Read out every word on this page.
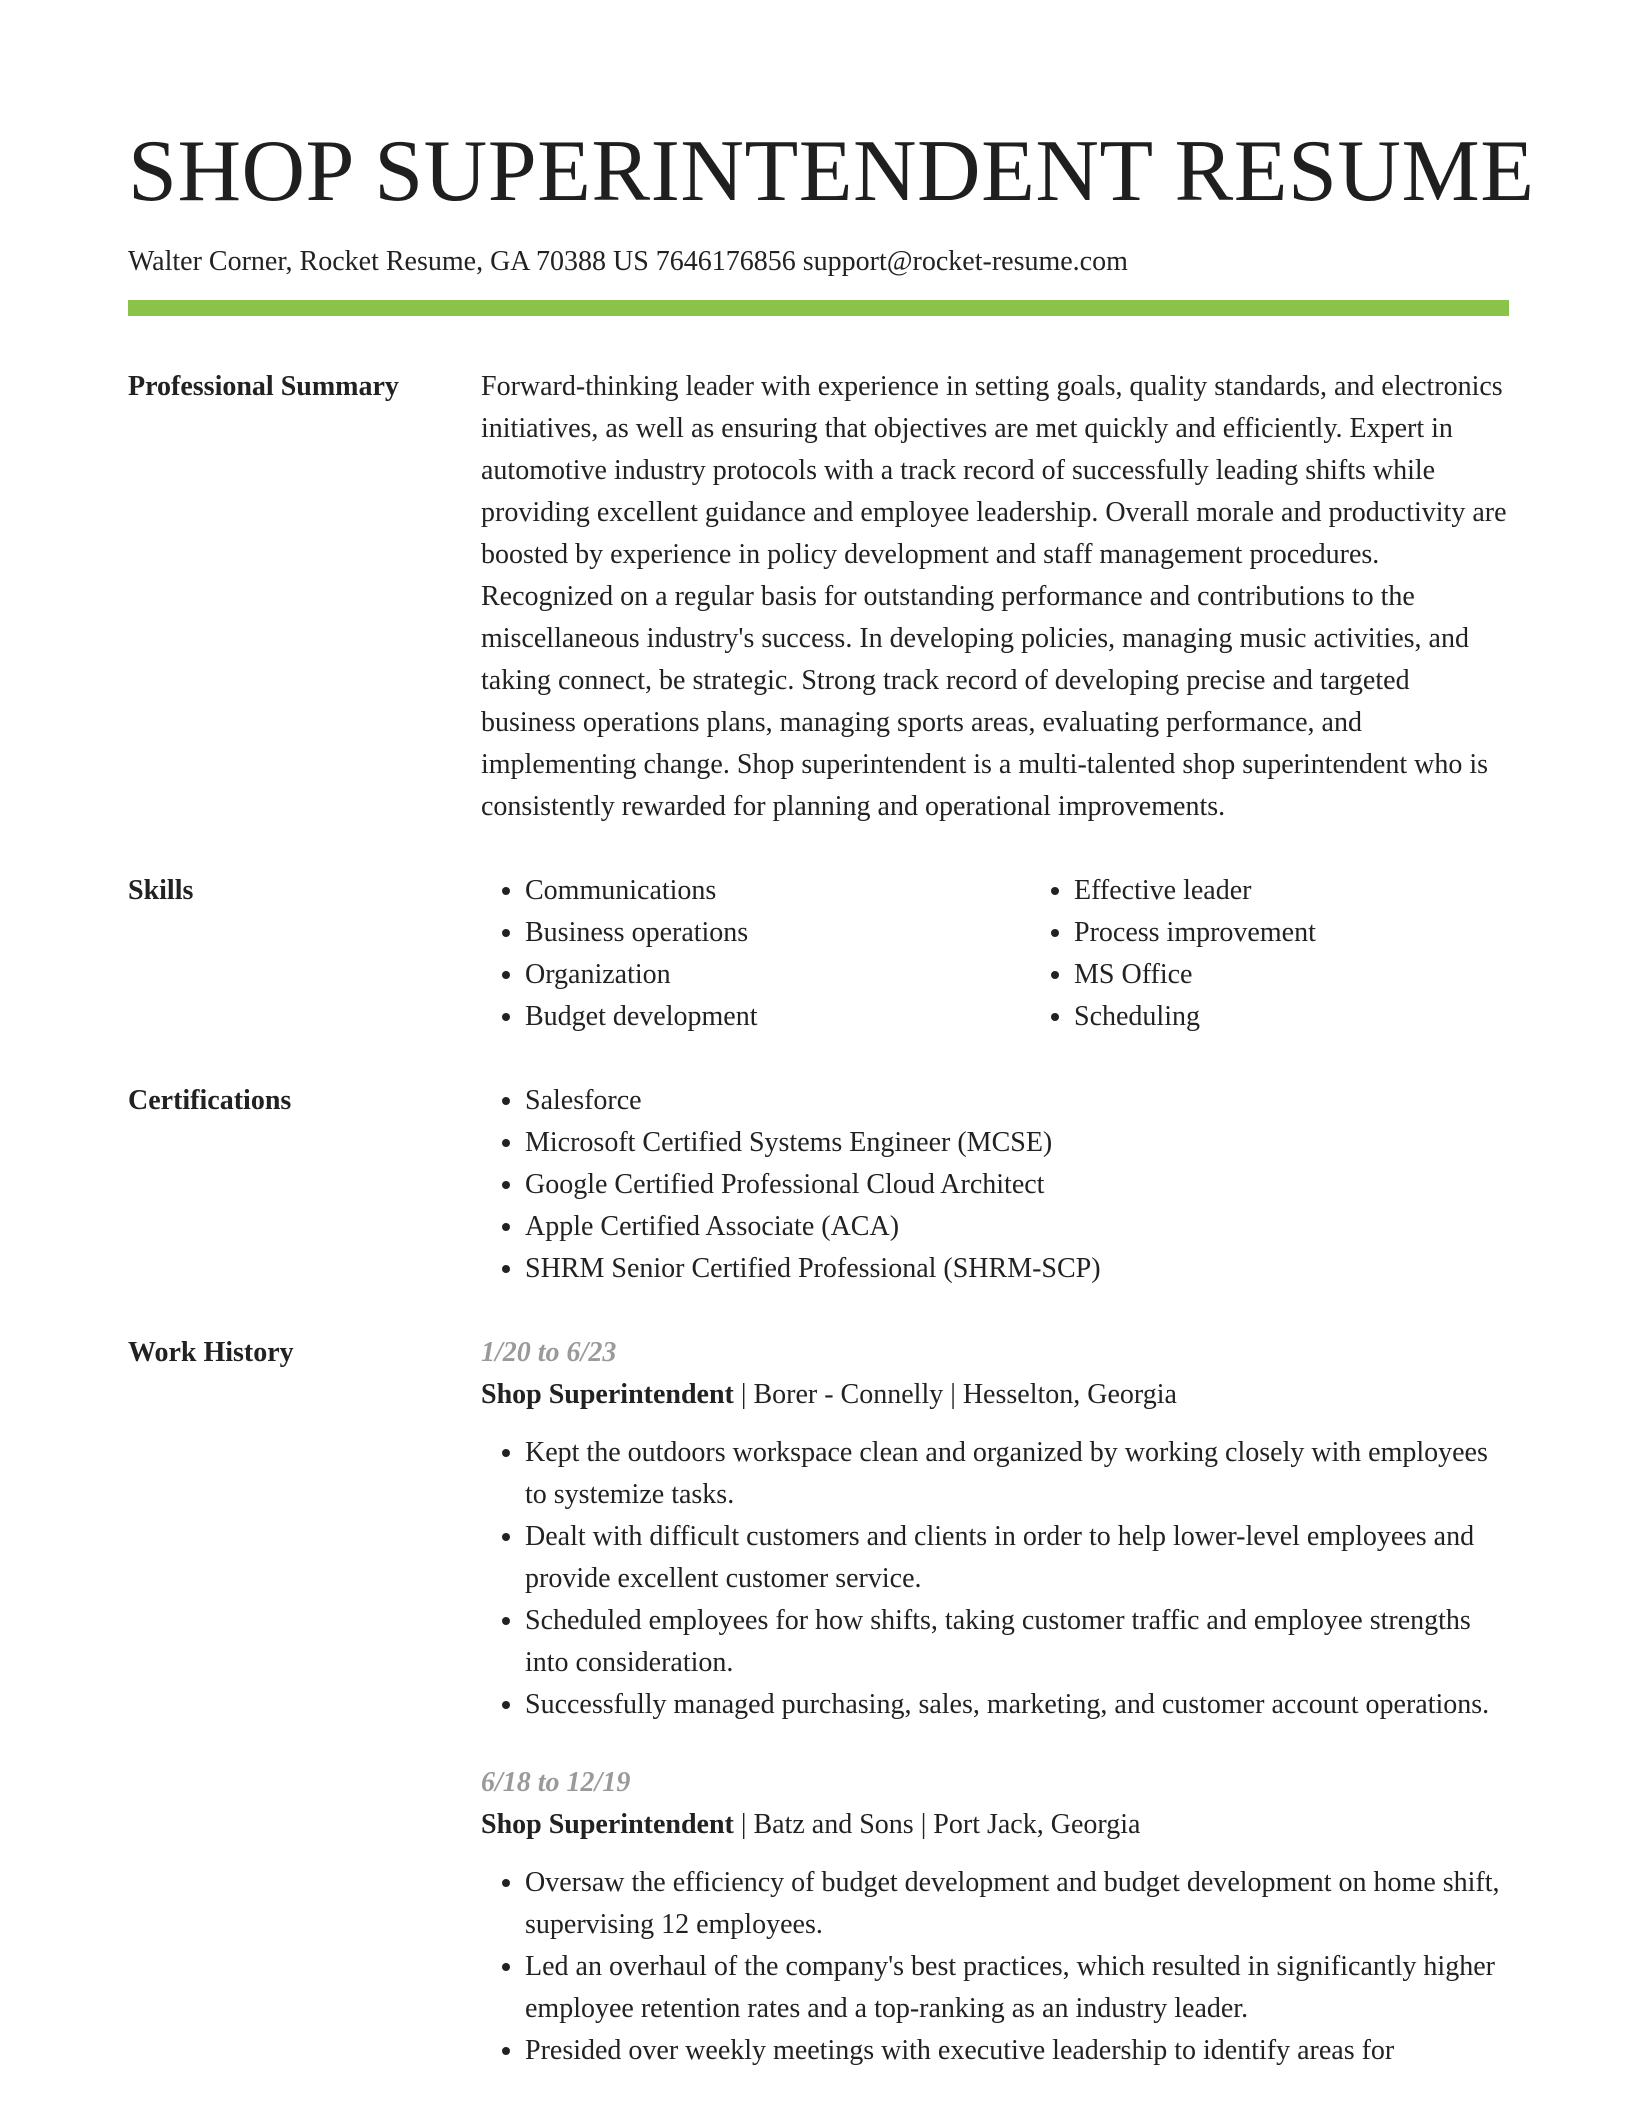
SHOP SUPERINTENDENT RESUME
Walter Corner, Rocket Resume, GA 70388 US 7646176856 support@rocket-resume.com
Professional Summary	Forward-thinking leader with experience in setting goals, quality standards, and electronics initiatives, as well as ensuring that objectives are met quickly and efficiently. Expert in automotive industry protocols with a track record of successfully leading shifts while providing excellent guidance and employee leadership. Overall morale and productivity are boosted by experience in policy development and staff management procedures. Recognized on a regular basis for outstanding performance and contributions to the miscellaneous industry's success. In developing policies, managing music activities, and taking connect, be strategic. Strong track record of developing precise and targeted business operations plans, managing sports areas, evaluating performance, and implementing change. Shop superintendent is a multi-talented shop superintendent who is consistently rewarded for planning and operational improvements.

Skills	• Communications
• Business operations
• Organization
• Budget development
• Effective leader
• Process improvement
• MS Office
• Scheduling
Certifications	• Salesforce
• Microsoft Certified Systems Engineer (MCSE)
• Google Certified Professional Cloud Architect
• Apple Certified Associate (ACA)
• SHRM Senior Certified Professional (SHRM-SCP)
Work History	1/20 to 6/23
Shop Superintendent | Borer - Connelly | Hesselton, Georgia
• Kept the outdoors workspace clean and organized by working closely with employees to systemize tasks.
• Dealt with difficult customers and clients in order to help lower-level employees and provide excellent customer service.
• Scheduled employees for how shifts, taking customer traffic and employee strengths into consideration.
• Successfully managed purchasing, sales, marketing, and customer account operations.
6/18 to 12/19
Shop Superintendent | Batz and Sons | Port Jack, Georgia
• Oversaw the efficiency of budget development and budget development on home shift, supervising 12 employees.
• Led an overhaul of the company's best practices, which resulted in significantly higher employee retention rates and a top-ranking as an industry leader.
• Presided over weekly meetings with executive leadership to identify areas for
